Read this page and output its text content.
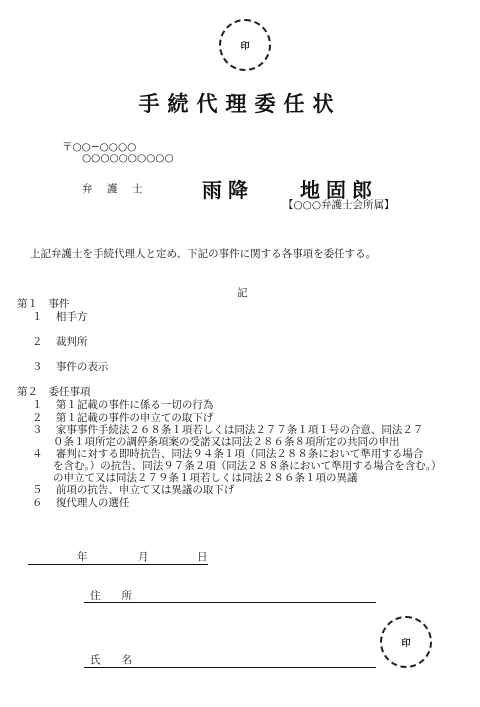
印
手続代理委任状
〒○○−○○○○
○○○○○○○○○○
弁　護　士	雨降 地固郎
【○○○弁護士会所属】
上記弁護士を手続代理人と定め、下記の事件に関する各事項を委任する。
記
第１　事件
１ 相手方
２ 裁判所
３ 事件の表示
第２　委任事項
１ 第１記載の事件に係る一切の行為
２ 第１記載の事件の申立ての取下げ
３ 家事事件手続法２６８条１項若しくは同法２７７条１項１号の合意、同法２７
０条１項所定の調停条項案の受諾又は同法２８６条８項所定の共同の申出
４ 審判に対する即時抗告、同法９４条１項（同法２８８条において準用する場合
を含む。）の抗告、同法９７条２項（同法２８８条において準用する場合を含む。）
の申立て又は同法２７９条１項若しくは同法２８６条１項の異議
５ 前項の抗告、申立て又は異議の取下げ
６ 復代理人の選任
年	月	日
住　　所
氏　　名
印
